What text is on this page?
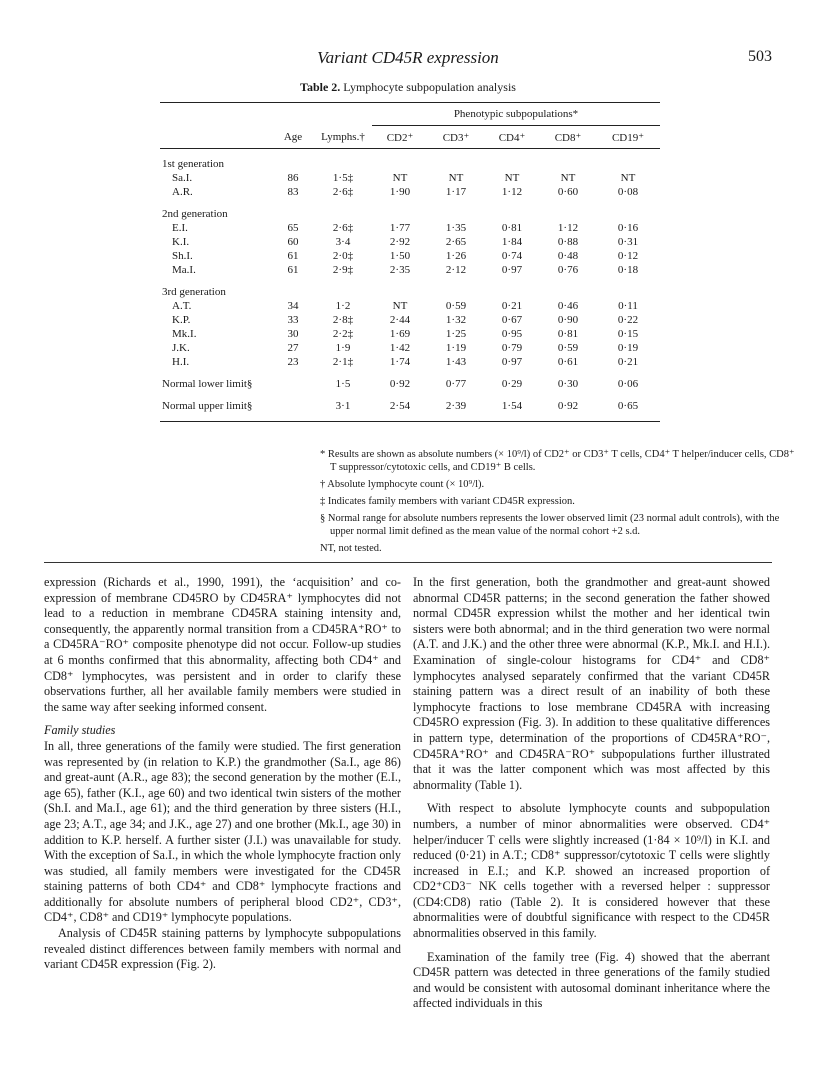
Variant CD45R expression	503
Table 2. Lymphocyte subpopulation analysis

			Phenotypic subpopulations*				
	Age	Lymphs.†	CD2⁺	CD3⁺	CD4⁺	CD8⁺	CD19⁺

1st generation							
Sa.I.	86	1·5‡	NT	NT	NT	NT	NT
A.R.	83	2·6‡	1·90	1·17	1·12	0·60	0·08

2nd generation							
E.I.	65	2·6‡	1·77	1·35	0·81	1·12	0·16
K.I.	60	3·4	2·92	2·65	1·84	0·88	0·31
Sh.I.	61	2·0‡	1·50	1·26	0·74	0·48	0·12
Ma.I.	61	2·9‡	2·35	2·12	0·97	0·76	0·18

3rd generation							
A.T.	34	1·2	NT	0·59	0·21	0·46	0·11
K.P.	33	2·8‡	2·44	1·32	0·67	0·90	0·22
Mk.I.	30	2·2‡	1·69	1·25	0·95	0·81	0·15
J.K.	27	1·9	1·42	1·19	0·79	0·59	0·19
H.I.	23	2·1‡	1·74	1·43	0·97	0·61	0·21

Normal lower limit§		1·5	0·92	0·77	0·29	0·30	0·06

Normal upper limit§		3·1	2·54	2·39	1·54	0·92	0·65

* Results are shown as absolute numbers (× 10⁹/l) of CD2⁺ or CD3⁺ T cells, CD4⁺ T helper/inducer cells, CD8⁺ T suppressor/cytotoxic cells, and CD19⁺ B cells.

† Absolute lymphocyte count (× 10⁹/l).

‡ Indicates family members with variant CD45R expression.

§ Normal range for absolute numbers represents the lower observed limit (23 normal adult controls), with the upper normal limit defined as the mean value of the normal cohort +2 s.d.

NT, not tested.

expression (Richards et al., 1990, 1991), the ‘acquisition’ and co-expression of membrane CD45RO by CD45RA⁺ lymphocytes did not lead to a reduction in membrane CD45RA staining intensity and, consequently, the apparently normal transition from a CD45RA⁺RO⁺ to a CD45RA⁻RO⁺ composite phenotype did not occur. Follow-up studies at 6 months confirmed that this abnormality, affecting both CD4⁺ and CD8⁺ lymphocytes, was persistent and in order to clarify these observations further, all her available family members were studied in the same way after seeking informed consent.

Family studies

In all, three generations of the family were studied. The first generation was represented by (in relation to K.P.) the grandmother (Sa.I., age 86) and great-aunt (A.R., age 83); the second generation by the mother (E.I., age 65), father (K.I., age 60) and two identical twin sisters of the mother (Sh.I. and Ma.I., age 61); and the third generation by three sisters (H.I., age 23; A.T., age 34; and J.K., age 27) and one brother (Mk.I., age 30) in addition to K.P. herself. A further sister (J.I.) was unavailable for study. With the exception of Sa.I., in which the whole lymphocyte fraction only was studied, all family members were investigated for the CD45R staining patterns of both CD4⁺ and CD8⁺ lymphocyte fractions and additionally for absolute numbers of peripheral blood CD2⁺, CD3⁺, CD4⁺, CD8⁺ and CD19⁺ lymphocyte populations.

Analysis of CD45R staining patterns by lymphocyte subpopulations revealed distinct differences between family members with normal and variant CD45R expression (Fig. 2).

In the first generation, both the grandmother and great-aunt showed abnormal CD45R patterns; in the second generation the father showed normal CD45R expression whilst the mother and her identical twin sisters were both abnormal; and in the third generation two were normal (A.T. and J.K.) and the other three were abnormal (K.P., Mk.I. and H.I.). Examination of single-colour histograms for CD4⁺ and CD8⁺ lymphocytes analysed separately confirmed that the variant CD45R staining pattern was a direct result of an inability of both these lymphocyte fractions to lose membrane CD45RA with increasing CD45RO expression (Fig. 3). In addition to these qualitative differences in pattern type, determination of the proportions of CD45RA⁺RO⁻, CD45RA⁺RO⁺ and CD45RA⁻RO⁺ subpopulations further illustrated that it was the latter component which was most affected by this abnormality (Table 1).

With respect to absolute lymphocyte counts and subpopulation numbers, a number of minor abnormalities were observed. CD4⁺ helper/inducer T cells were slightly increased (1·84 × 10⁹/l) in K.I. and reduced (0·21) in A.T.; CD8⁺ suppressor/cytotoxic T cells were slightly increased in E.I.; and K.P. showed an increased proportion of CD2⁺CD3⁻ NK cells together with a reversed helper : suppressor (CD4:CD8) ratio (Table 2). It is considered however that these abnormalities were of doubtful significance with respect to the CD45R abnormalities observed in this family.

Examination of the family tree (Fig. 4) showed that the aberrant CD45R pattern was detected in three generations of the family studied and would be consistent with autosomal dominant inheritance where the affected individuals in this
